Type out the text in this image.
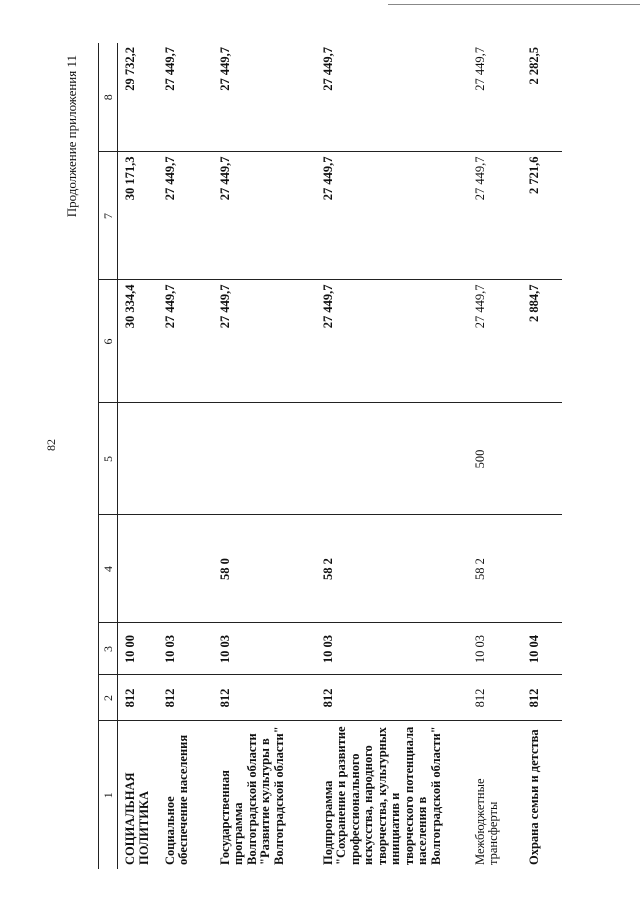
82
Продолжение приложения 11
1	2	3	4	5	6	7	8
СОЦИАЛЬНАЯ ПОЛИТИКА	812	10 00			30 334,4	30 171,3	29 732,2
Социальное обеспечение населения	812	10 03			27 449,7	27 449,7	27 449,7
Государственная программа Волгоградской области "Развитие культуры в Волгоградской области"	812	10 03	58 0		27 449,7	27 449,7	27 449,7
Подпрограмма "Сохранение и развитие профессионального искусства, народного творчества, культурных инициатив и творческого потенциала населения в Волгоградской области"	812	10 03	58 2		27 449,7	27 449,7	27 449,7
Межбюджетные трансферты	812	10 03	58 2	500	27 449,7	27 449,7	27 449,7
Охрана семьи и детства	812	10 04			2 884,7	2 721,6	2 282,5
